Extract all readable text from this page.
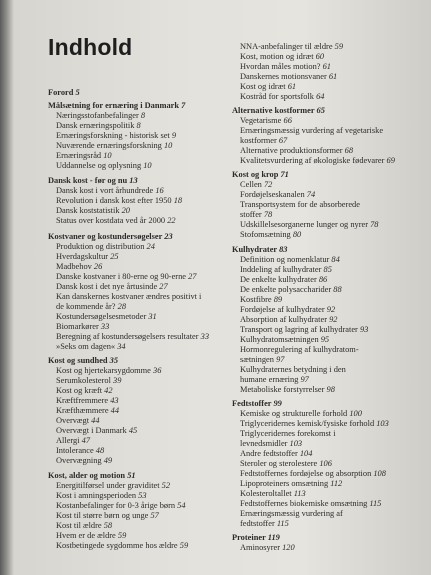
Indhold
Forord 5
Målsætning for ernæring i Danmark 7
Næringsstofanbefalinger 8
Dansk ernæringspolitik 8
Ernæringsforskning - historisk set 9
Nuværende ernæringsforskning 10
Ernæringsråd 10
Uddannelse og oplysning 10
Dansk kost - før og nu 13
Dansk kost i vort århundrede 16
Revolution i dansk kost efter 1950 18
Dansk koststatistik 20
Status over kostdata ved år 2000 22
Kostvaner og kostundersøgelser 23
Produktion og distribution 24
Hverdagskultur 25
Madbehov 26
Danske kostvaner i 80-erne og 90-erne 27
Dansk kost i det nye årtusinde 27
Kan danskernes kostvaner ændres positivt i
de kommende år? 28
Kostundersøgelsesmetoder 31
Biomarkører 33
Beregning af kostundersøgelsers resultater 33
»Seks om dagen« 34
Kost og sundhed 35
Kost og hjertekarsygdomme 36
Serumkolesterol 39
Kost og kræft 42
Kræftfremmere 43
Kræfthæmmere 44
Overvægt 44
Overvægt i Danmark 45
Allergi 47
Intolerance 48
Overvægning 49
Kost, alder og motion 51
Energitilførsel under graviditet 52
Kost i amningsperioden 53
Kostanbefalinger for 0-3 årige børn 54
Kost til større børn og unge 57
Kost til ældre 58
Hvem er de ældre 59
Kostbetingede sygdomme hos ældre 59
NNA-anbefalinger til ældre 59
Kost, motion og idræt 60
Hvordan måles motion? 61
Danskernes motionsvaner 61
Kost og idræt 61
Kostråd for sportsfolk 64
Alternative kostformer 65
Vegetarisme 66
Ernæringsmæssig vurdering af vegetariske
kostformer 67
Alternative produktionsformer 68
Kvalitetsvurdering af økologiske fødevarer 69
Kost og krop 71
Cellen 72
Fordøjelseskanalen 74
Transportsystem for de absorberede
stoffer 78
Udskillelsesorganerne lunger og nyrer 78
Stofomsætning 80
Kulhydrater 83
Definition og nomenklatur 84
Inddeling af kulhydrater 85
De enkelte kulhydrater 86
De enkelte polysaccharider 88
Kostfibre 89
Fordøjelse af kulhydrater 92
Absorption af kulhydrater 92
Transport og lagring af kulhydrater 93
Kulhydratomsætningen 95
Hormonregulering af kulhydratom-
sætningen 97
Kulhydraternes betydning i den
humane ernæring 97
Metaboliske forstyrrelser 98
Fedtstoffer 99
Kemiske og strukturelle forhold 100
Triglyceridernes kemisk/fysiske forhold 103
Triglyceridernes forekomst i
levnedsmidler 103
Andre fedtstoffer 104
Steroler og sterolestere 106
Fedtstoffernes fordøjelse og absorption 108
Lipoproteiners omsætning 112
Kolesteroltallet 113
Fedtstoffernes biokemiske omsætning 115
Ernæringsmæssig vurdering af
fedtstoffer 115
Proteiner 119
Aminosyrer 120
